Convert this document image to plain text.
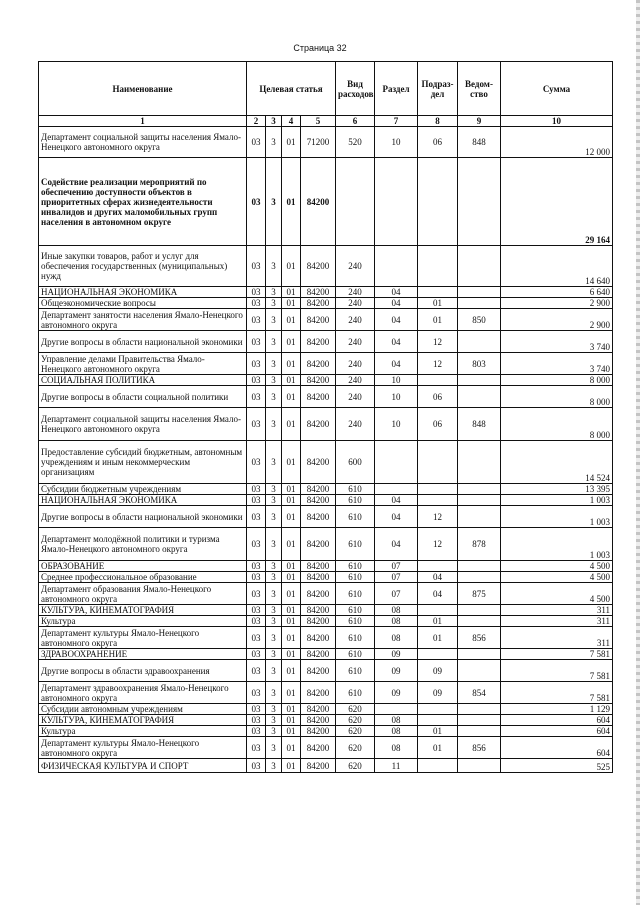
Страница 32
Наименование	Целевая статья				Вид расходов	Раздел	Подраз- дел	Ведом- ство	Сумма
1	2	3	4	5	6	7	8	9	10
Департамент социальной защиты населения Ямало-Ненецкого автономного округа	03	3	01	71200	520	10	06	848	12 000
Содействие реализации мероприятий по обеспечению доступности объектов в приоритетных сферах жизнедеятельности инвалидов и других маломобильных групп населения в автономном округе	03	3	01	84200					29 164
Иные закупки товаров, работ и услуг для обеспечения государственных (муниципальных) нужд	03	3	01	84200	240				14 640
НАЦИОНАЛЬНАЯ ЭКОНОМИКА	03	3	01	84200	240	04			6 640
Общеэкономические вопросы	03	3	01	84200	240	04	01		2 900
Департамент занятости населения Ямало-Ненецкого автономного округа	03	3	01	84200	240	04	01	850	2 900
Другие вопросы в области национальной экономики	03	3	01	84200	240	04	12		3 740
Управление делами Правительства Ямало-Ненецкого автономного округа	03	3	01	84200	240	04	12	803	3 740
СОЦИАЛЬНАЯ ПОЛИТИКА	03	3	01	84200	240	10			8 000
Другие вопросы в области социальной политики	03	3	01	84200	240	10	06		8 000
Департамент социальной защиты населения Ямало-Ненецкого автономного округа	03	3	01	84200	240	10	06	848	8 000
Предоставление субсидий бюджетным, автономным учреждениям и иным некоммерческим организациям	03	3	01	84200	600				14 524
Субсидии бюджетным учреждениям	03	3	01	84200	610				13 395
НАЦИОНАЛЬНАЯ ЭКОНОМИКА	03	3	01	84200	610	04			1 003
Другие вопросы в области национальной экономики	03	3	01	84200	610	04	12		1 003
Департамент молодёжной политики и туризма Ямало-Ненецкого автономного округа	03	3	01	84200	610	04	12	878	1 003
ОБРАЗОВАНИЕ	03	3	01	84200	610	07			4 500
Среднее профессиональное образование	03	3	01	84200	610	07	04		4 500
Департамент образования Ямало-Ненецкого автономного округа	03	3	01	84200	610	07	04	875	4 500
КУЛЬТУРА, КИНЕМАТОГРАФИЯ	03	3	01	84200	610	08			311
Культура	03	3	01	84200	610	08	01		311
Департамент культуры Ямало-Ненецкого автономного округа	03	3	01	84200	610	08	01	856	311
ЗДРАВООХРАНЕНИЕ	03	3	01	84200	610	09			7 581
Другие вопросы в области здравоохранения	03	3	01	84200	610	09	09		7 581
Департамент здравоохранения Ямало-Ненецкого автономного округа	03	3	01	84200	610	09	09	854	7 581
Субсидии автономным учреждениям	03	3	01	84200	620				1 129
КУЛЬТУРА, КИНЕМАТОГРАФИЯ	03	3	01	84200	620	08			604
Культура	03	3	01	84200	620	08	01		604
Департамент культуры Ямало-Ненецкого автономного округа	03	3	01	84200	620	08	01	856	604
ФИЗИЧЕСКАЯ КУЛЬТУРА И СПОРТ	03	3	01	84200	620	11			525
